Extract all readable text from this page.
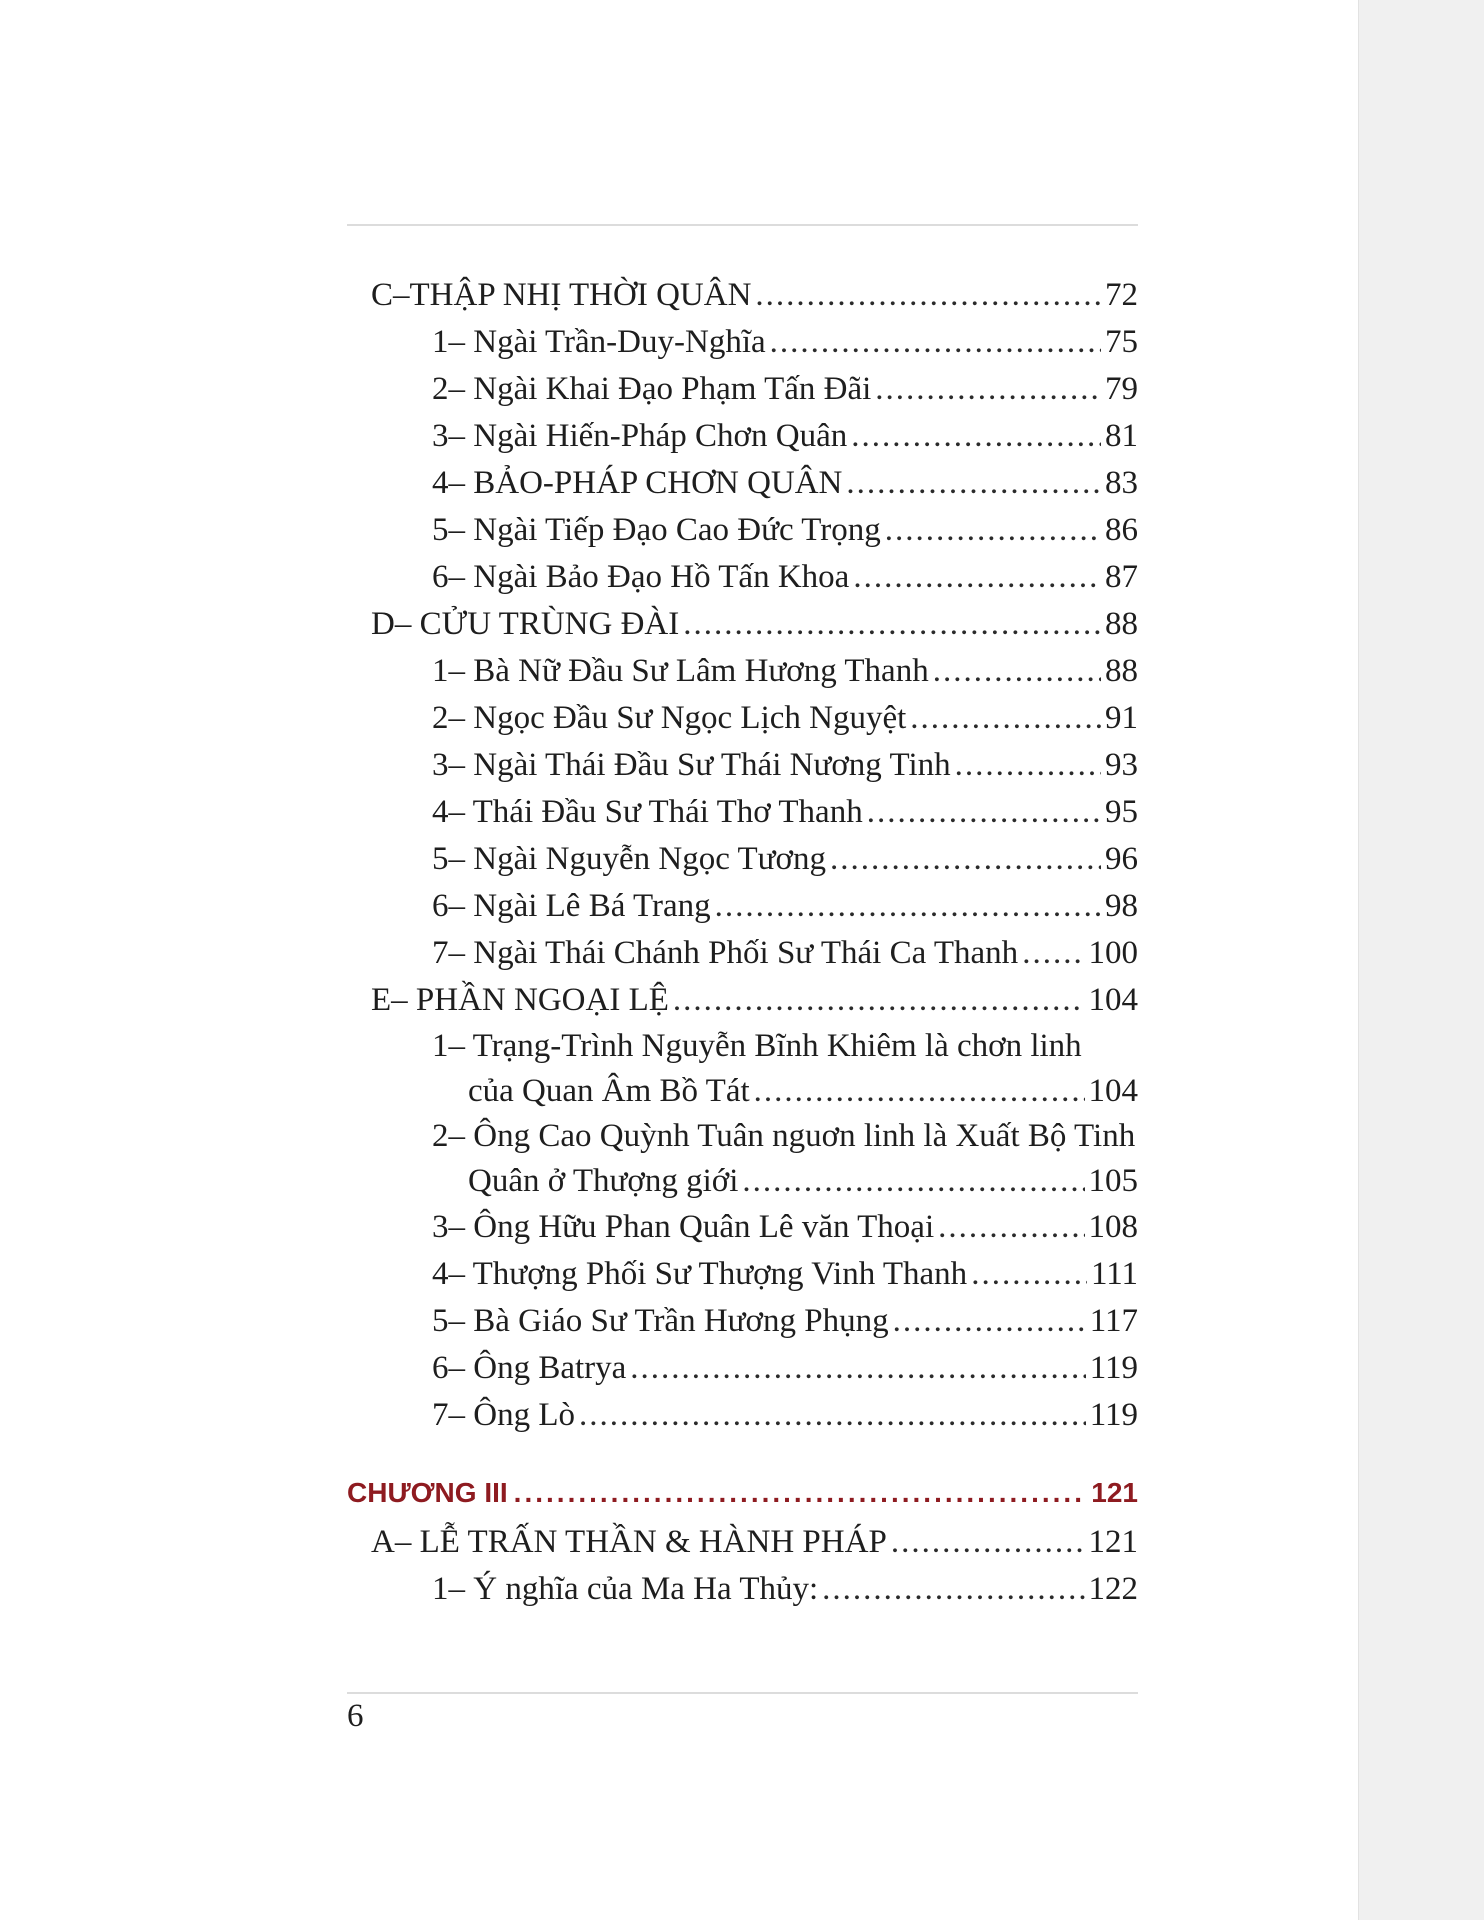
C–THẬP NHỊ THỜI QUÂN .....	72
1– Ngài Trần-Duy-Nghĩa .....	75
2– Ngài Khai Đạo Phạm Tấn Đãi .....	79
3– Ngài Hiến-Pháp Chơn Quân .....	81
4– BẢO-PHÁP CHƠN QUÂN .....	83
5– Ngài Tiếp Đạo Cao Đức Trọng .....	86
6– Ngài Bảo Đạo Hồ Tấn Khoa .....	87
D– CỬU TRÙNG ĐÀI .....	88
1– Bà Nữ Đầu Sư Lâm Hương Thanh .....	88
2– Ngọc Đầu Sư Ngọc Lịch Nguyệt .....	91
3– Ngài Thái Đầu Sư Thái Nương Tinh .....	93
4– Thái Đầu Sư Thái Thơ Thanh .....	95
5– Ngài Nguyễn Ngọc Tương .....	96
6– Ngài Lê Bá Trang .....	98
7– Ngài Thái Chánh Phối Sư Thái Ca Thanh ..... 100
E– PHẦN NGOẠI LỆ .....	104
1– Trạng-Trình Nguyễn Bĩnh Khiêm là chơn linh
của Quan Âm Bồ Tát .....	104
2– Ông Cao Quỳnh Tuân nguơn linh là Xuất Bộ Tinh
Quân ở Thượng giới .....	105
3– Ông Hữu Phan Quân Lê văn Thoại .....	108
4– Thượng Phối Sư Thượng Vinh Thanh .....	111
5– Bà Giáo Sư Trần Hương Phụng .....	117
6– Ông Batrya .....	119
7– Ông Lò .....	119
CHƯƠNG III .....	121
A– LỄ TRẤN THẦN & HÀNH PHÁP .....	121
1– Ý nghĩa của Ma Ha Thủy: .....	122
6
